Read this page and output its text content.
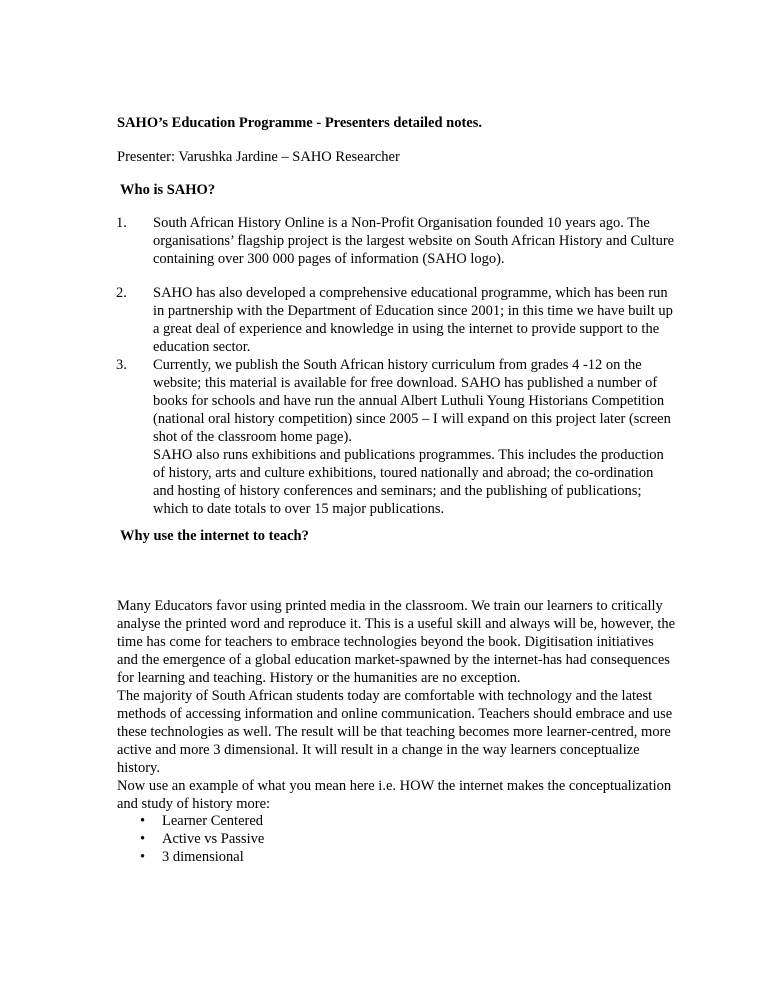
SAHO’s Education Programme - Presenters detailed notes.
Presenter: Varushka Jardine – SAHO Researcher
Who is SAHO?
1. South African History Online is a Non-Profit Organisation founded 10 years ago. The organisations’ flagship project is the largest website on South African History and Culture containing over 300 000 pages of information (SAHO logo).
2. SAHO has also developed a comprehensive educational programme, which has been run in partnership with the Department of Education since 2001; in this time we have built up a great deal of experience and knowledge in using the internet to provide support to the education sector.
3. Currently, we publish the South African history curriculum from grades 4 -12 on the website; this material is available for free download. SAHO has published a number of books for schools and have run the annual Albert Luthuli Young Historians Competition (national oral history competition) since 2005 – I will expand on this project later (screen shot of the classroom home page).
SAHO also runs exhibitions and publications programmes. This includes the production of history, arts and culture exhibitions, toured nationally and abroad; the co-ordination and hosting of history conferences and seminars; and the publishing of publications; which to date totals to over 15 major publications.
Why use the internet to teach?
Many Educators favor using printed media in the classroom. We train our learners to critically analyse the printed word and reproduce it. This is a useful skill and always will be, however, the time has come for teachers to embrace technologies beyond the book. Digitisation initiatives and the emergence of a global education market-spawned by the internet-has had consequences for learning and teaching. History or the humanities are no exception.
The majority of South African students today are comfortable with technology and the latest methods of accessing information and online communication. Teachers should embrace and use these technologies as well. The result will be that teaching becomes more learner-centred, more active and more 3 dimensional. It will result in a change in the way learners conceptualize history.
Now use an example of what you mean here i.e. HOW the internet makes the conceptualization and study of history more:
• Learner Centered
• Active vs Passive
• 3 dimensional
